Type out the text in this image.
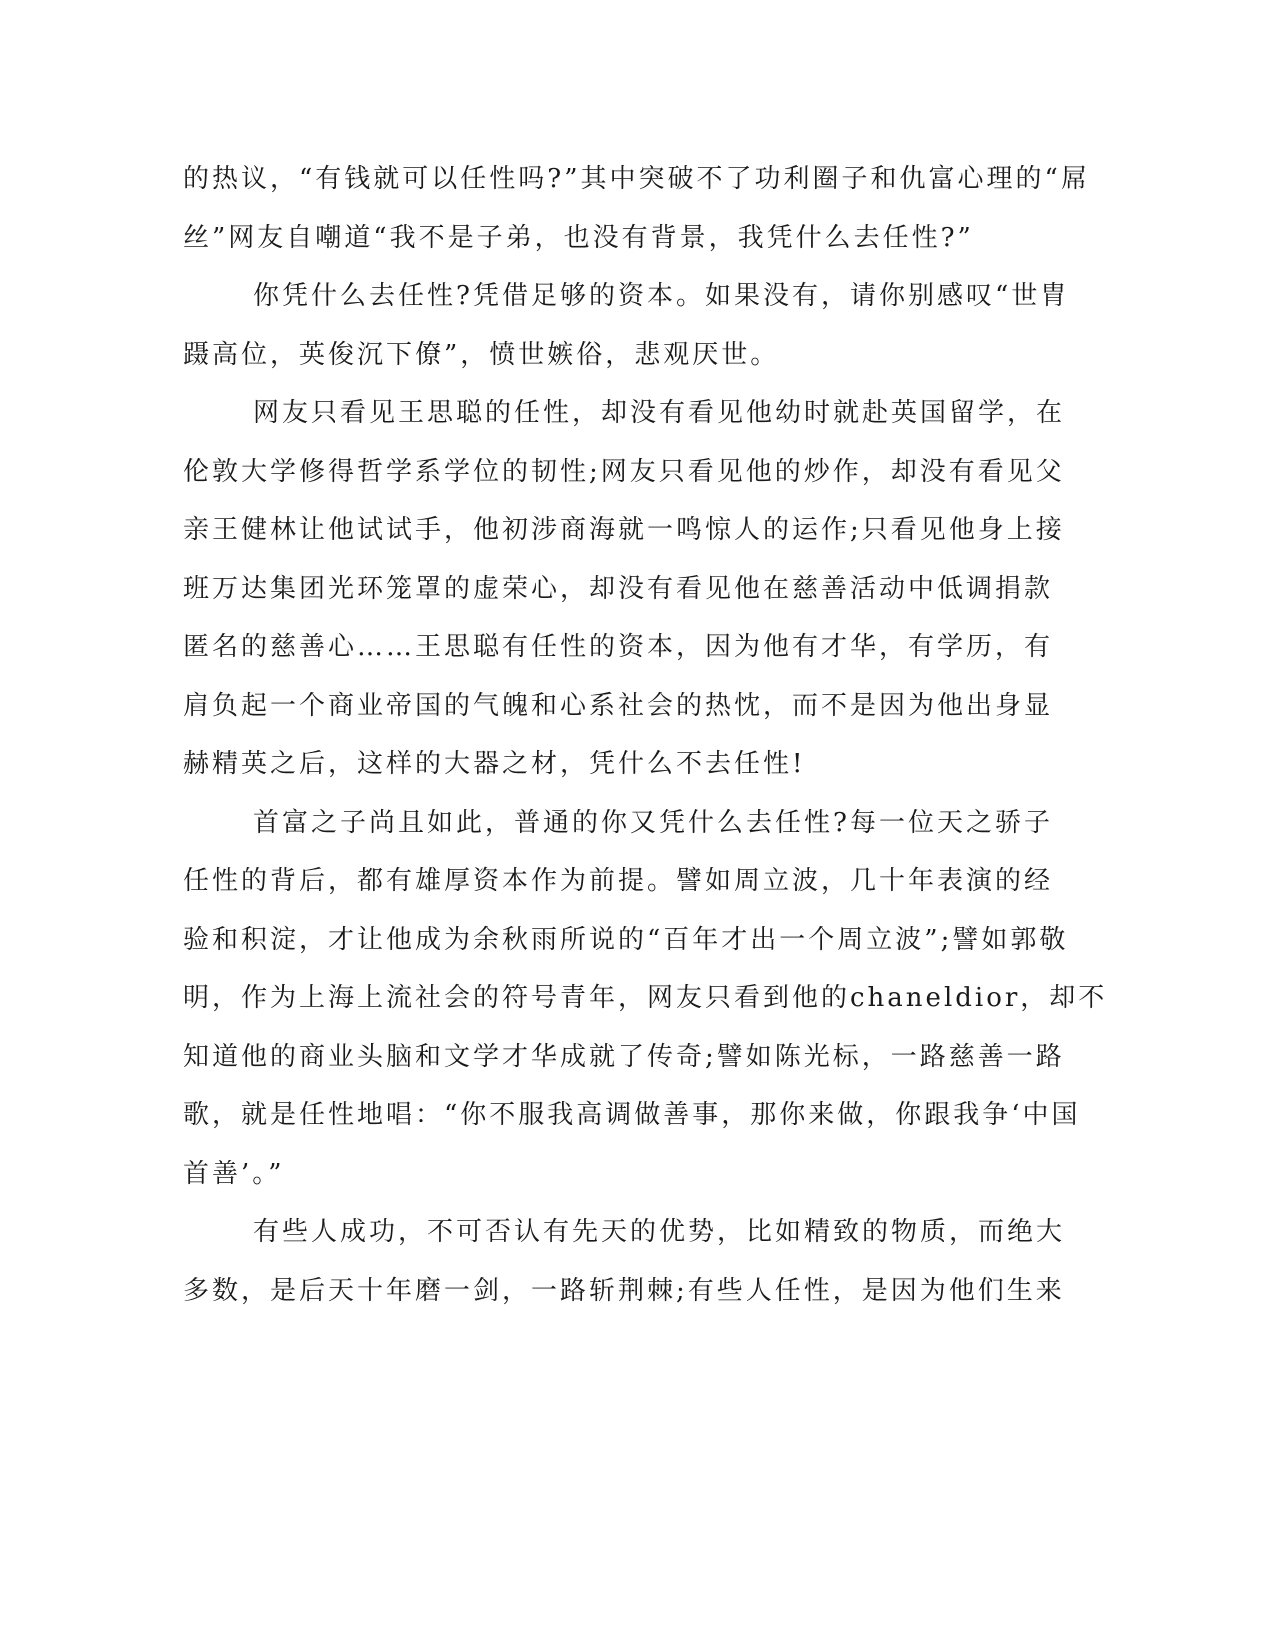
的热议，“有钱就可以任性吗?”其中突破不了功利圈子和仇富心理的“屌
丝”网友自嘲道“我不是子弟，也没有背景，我凭什么去任性?”
你凭什么去任性?凭借足够的资本。如果没有，请你别感叹“世胄
蹑高位，英俊沉下僚”，愤世嫉俗，悲观厌世。
网友只看见王思聪的任性，却没有看见他幼时就赴英国留学，在
伦敦大学修得哲学系学位的韧性;网友只看见他的炒作，却没有看见父
亲王健林让他试试手，他初涉商海就一鸣惊人的运作;只看见他身上接
班万达集团光环笼罩的虚荣心，却没有看见他在慈善活动中低调捐款
匿名的慈善心……王思聪有任性的资本，因为他有才华，有学历，有
肩负起一个商业帝国的气魄和心系社会的热忱，而不是因为他出身显
赫精英之后，这样的大器之材，凭什么不去任性!
首富之子尚且如此，普通的你又凭什么去任性?每一位天之骄子
任性的背后，都有雄厚资本作为前提。譬如周立波，几十年表演的经
验和积淀，才让他成为余秋雨所说的“百年才出一个周立波”;譬如郭敬
明，作为上海上流社会的符号青年，网友只看到他的chaneldior，却不
知道他的商业头脑和文学才华成就了传奇;譬如陈光标，一路慈善一路
歌，就是任性地唱：“你不服我高调做善事，那你来做，你跟我争‘中国
首善’。”
有些人成功，不可否认有先天的优势，比如精致的物质，而绝大
多数，是后天十年磨一剑，一路斩荆棘;有些人任性，是因为他们生来
